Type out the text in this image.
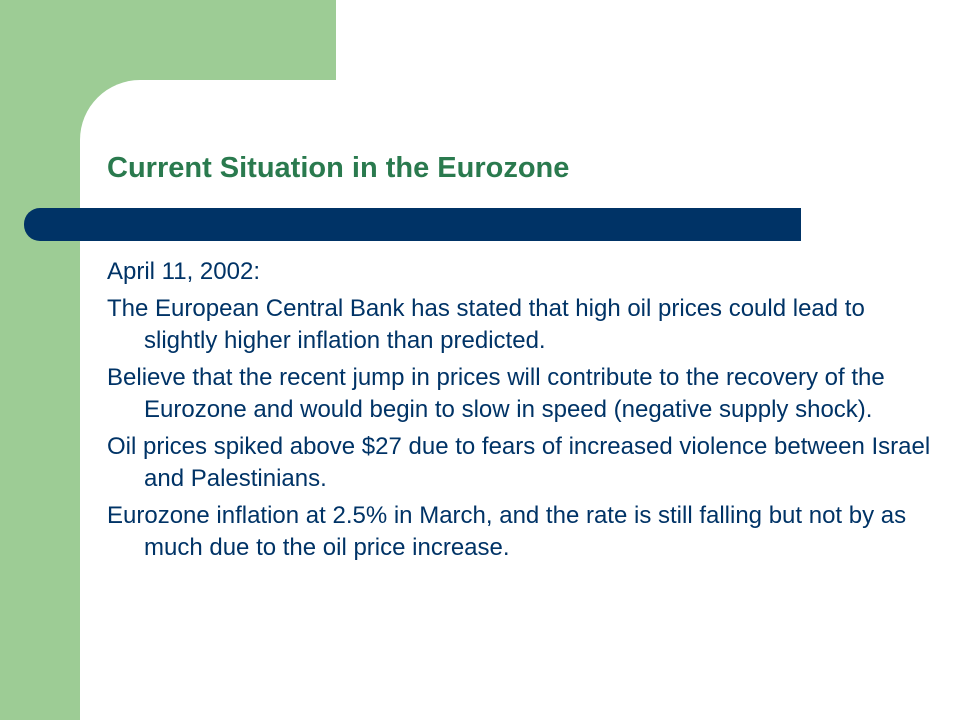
Current Situation in the Eurozone
April 11, 2002:
The European Central Bank has stated that high oil prices could lead to slightly higher inflation than predicted.
Believe that the recent jump in prices will contribute to the recovery of the Eurozone and would begin to slow in speed (negative supply shock).
Oil prices spiked above $27 due to fears of increased violence between Israel and Palestinians.
Eurozone inflation at 2.5% in March, and the rate is still falling but not by as much due to the oil price increase.
